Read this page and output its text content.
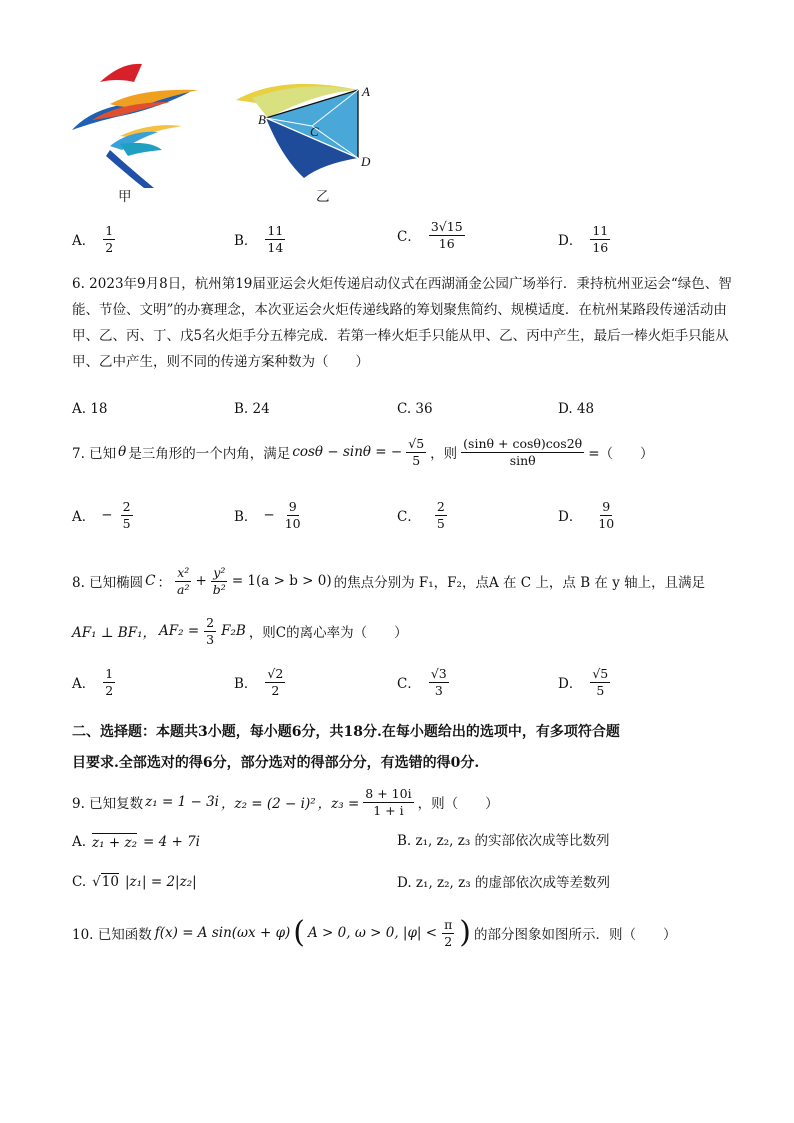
甲
A
B
C
D
乙
A． $\frac{1}{2}$	B． $\frac{11}{14}$	C． $\frac{3√15}{16}$	D． $\frac{11}{16}$
6. 2023年9月8日，杭州第19届亚运会火炬传递启动仪式在西湖涌金公园广场举行．秉持杭州亚运会“绿色、智能、节俭、文明”的办赛理念，本次亚运会火炬传递线路的筹划聚焦简约、规模适度．在杭州某路段传递活动由甲、乙、丙、丁、戊5名火炬手分五棒完成．若第一棒火炬手只能从甲、乙、丙中产生，最后一棒火炬手只能从甲、乙中产生，则不同的传递方案种数为（　　）
A. 18	B. 24	C. 36	D. 48
7. 已知 θ 是三角形的一个内角，满足 cosθ − sinθ = − $\frac{√5}{5}$ ，则 $\frac{(\sin\theta + \cos\theta)\cos 2\theta}{\sin\theta}$ =（　　）
A． − $\frac{2}{5}$	B． − $\frac{9}{10}$	C． $\frac{2}{5}$	D． $\frac{9}{10}$
8. 已知椭圆 C ： $\frac{\text{x²}}{\text{a²}} + \frac{\text{y²}}{\text{b²}} = 1(a > b > 0)$ 的焦点分别为 F₁，F₂，点A 在 C 上，点 B 在 y 轴上，且满足
AF₁ ⊥ BF₁， $AF_2 = \frac{2}{3} F_2B$ ，则C的离心率为（　　）
A． $\frac{1}{2}$	B． $\frac{√2}{2}$	C． $\frac{√3}{3}$	D． $\frac{√5}{5}$
二、选择题：本题共3小题，每小题6分，共18分.在每小题给出的选项中，有多项符合题
目要求.全部选对的得6分，部分选对的得部分分，有选错的得0分.
9. 已知复数 z₁ = 1 − 3i ，z₂ = (2 − i)² ，$z_3 = \frac{8 + 10i}{1 + i}$ ，则（　　）
A. z₁ + z₂ = 4 + 7i	B. z₁, z₂, z₃ 的实部依次成等比数列
C. √10 |z₁| = 2|z₂|	D. z₁, z₂, z₃ 的虚部依次成等差数列
10. 已知函数 f(x) = A sin(ωx + φ) ( A > 0, ω > 0, $|\varphi| < \frac{\pi}{2}$ ) 的部分图象如图所示．则（　　）
